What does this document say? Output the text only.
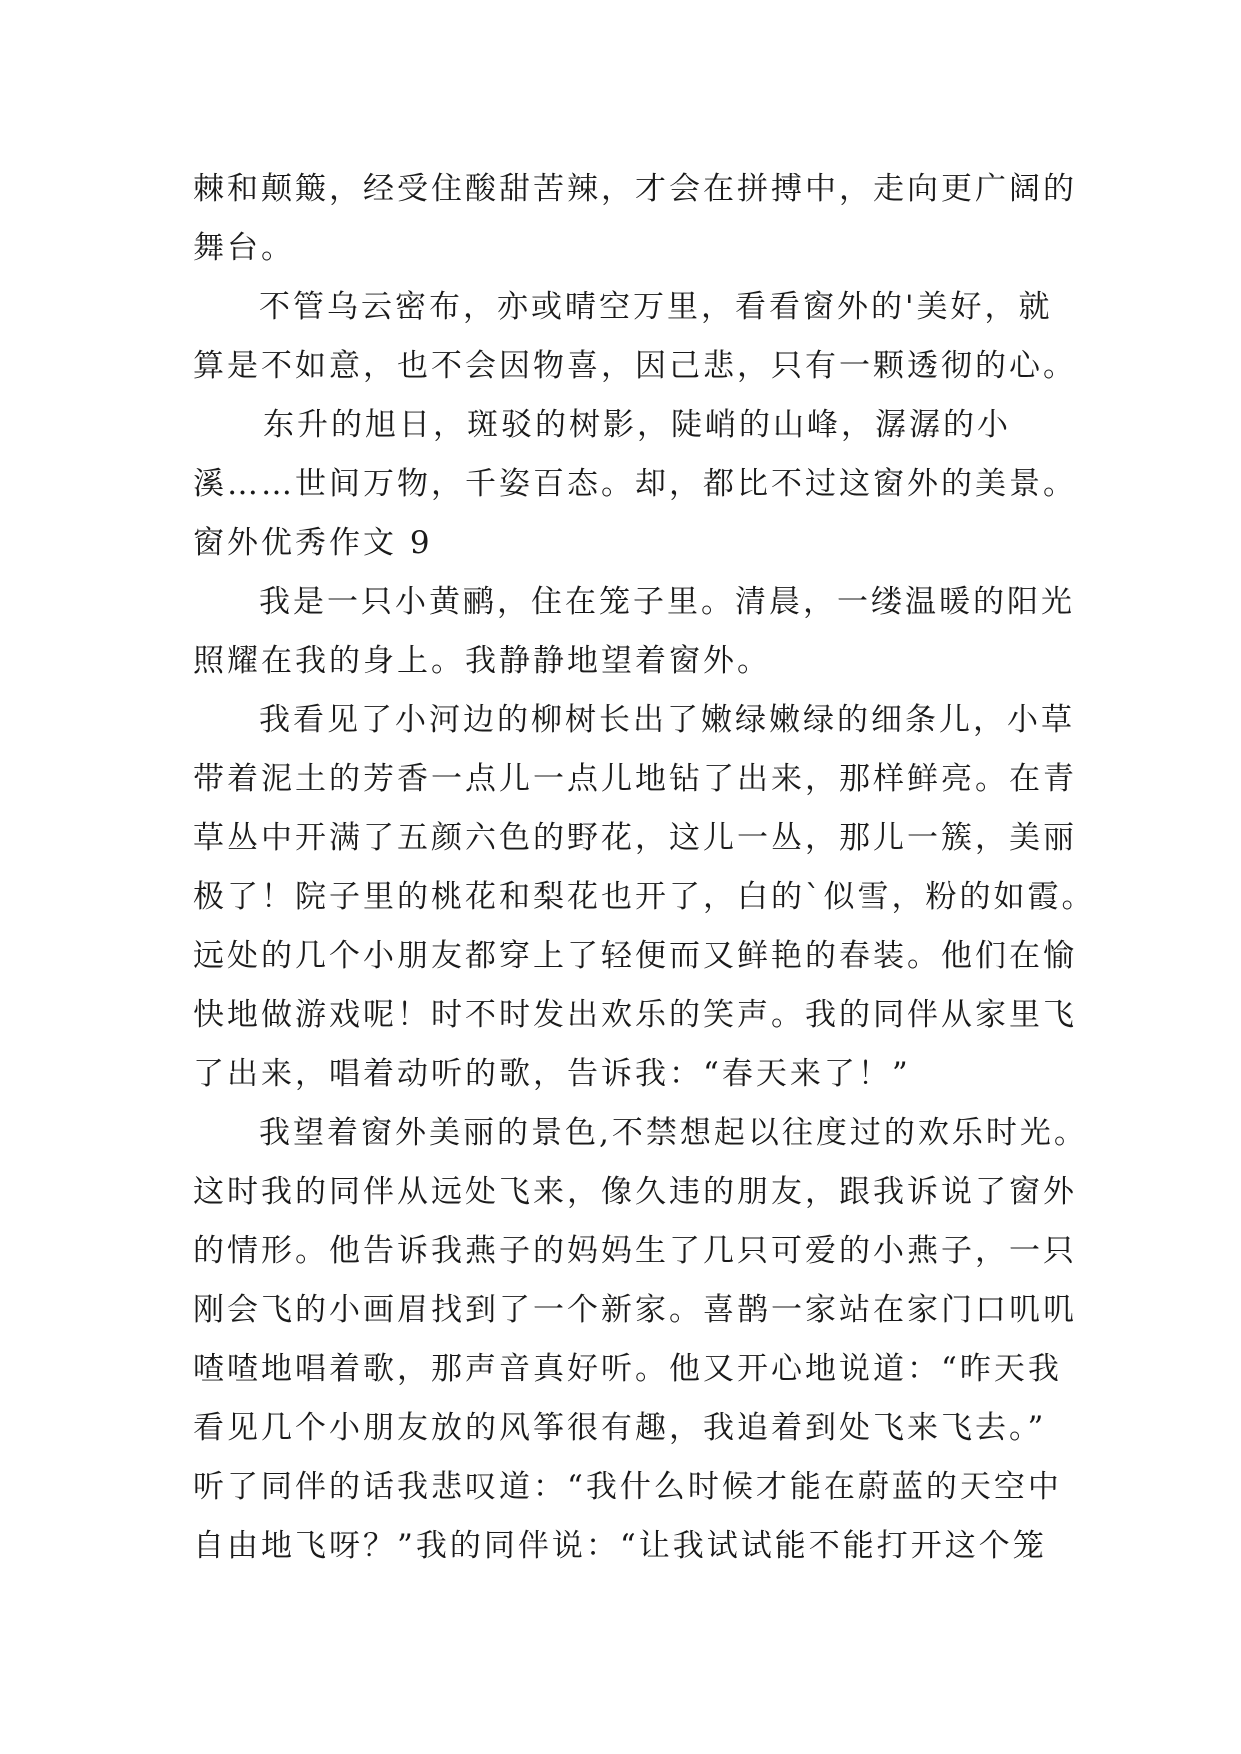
棘和颠簸，经受住酸甜苦辣，才会在拼搏中，走向更广阔的
舞台。
不管乌云密布，亦或晴空万里，看看窗外的'美好，就
算是不如意，也不会因物喜，因己悲，只有一颗透彻的心。
东升的旭日，斑驳的树影，陡峭的山峰，潺潺的小
溪……世间万物，千姿百态。却，都比不过这窗外的美景。
窗外优秀作文 9
我是一只小黄鹂，住在笼子里。清晨，一缕温暖的阳光
照耀在我的身上。我静静地望着窗外。
我看见了小河边的柳树长出了嫩绿嫩绿的细条儿，小草
带着泥土的芳香一点儿一点儿地钻了出来，那样鲜亮。在青
草丛中开满了五颜六色的野花，这儿一丛，那儿一簇，美丽
极了！院子里的桃花和梨花也开了，白的`似雪，粉的如霞。
远处的几个小朋友都穿上了轻便而又鲜艳的春装。他们在愉
快地做游戏呢！时不时发出欢乐的笑声。我的同伴从家里飞
了出来，唱着动听的歌，告诉我：“春天来了！”
我望着窗外美丽的景色,不禁想起以往度过的欢乐时光。
这时我的同伴从远处飞来，像久违的朋友，跟我诉说了窗外
的情形。他告诉我燕子的妈妈生了几只可爱的小燕子，一只
刚会飞的小画眉找到了一个新家。喜鹊一家站在家门口叽叽
喳喳地唱着歌，那声音真好听。他又开心地说道：“昨天我
看见几个小朋友放的风筝很有趣，我追着到处飞来飞去。”
听了同伴的话我悲叹道：“我什么时候才能在蔚蓝的天空中
自由地飞呀？”我的同伴说：“让我试试能不能打开这个笼
